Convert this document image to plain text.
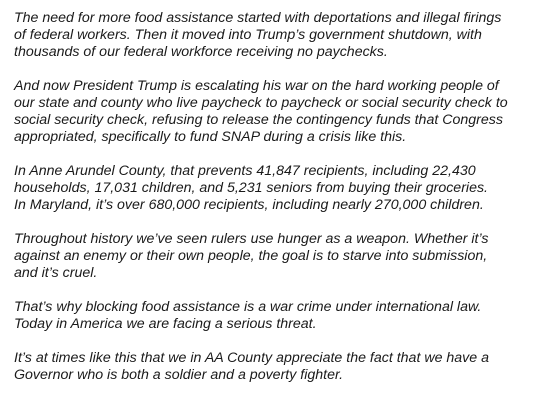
The need for more food assistance started with deportations and illegal firings
of federal workers. Then it moved into Trump’s government shutdown, with
thousands of our federal workforce receiving no paychecks.

And now President Trump is escalating his war on the hard working people of
our state and county who live paycheck to paycheck or social security check to
social security check, refusing to release the contingency funds that Congress
appropriated, specifically to fund SNAP during a crisis like this.

In Anne Arundel County, that prevents 41,847 recipients, including 22,430
households, 17,031 children, and 5,231 seniors from buying their groceries.
In Maryland, it’s over 680,000 recipients, including nearly 270,000 children.

Throughout history we’ve seen rulers use hunger as a weapon. Whether it’s
against an enemy or their own people, the goal is to starve into submission,
and it’s cruel.

That’s why blocking food assistance is a war crime under international law.
Today in America we are facing a serious threat.

It’s at times like this that we in AA County appreciate the fact that we have a
Governor who is both a soldier and a poverty fighter.
